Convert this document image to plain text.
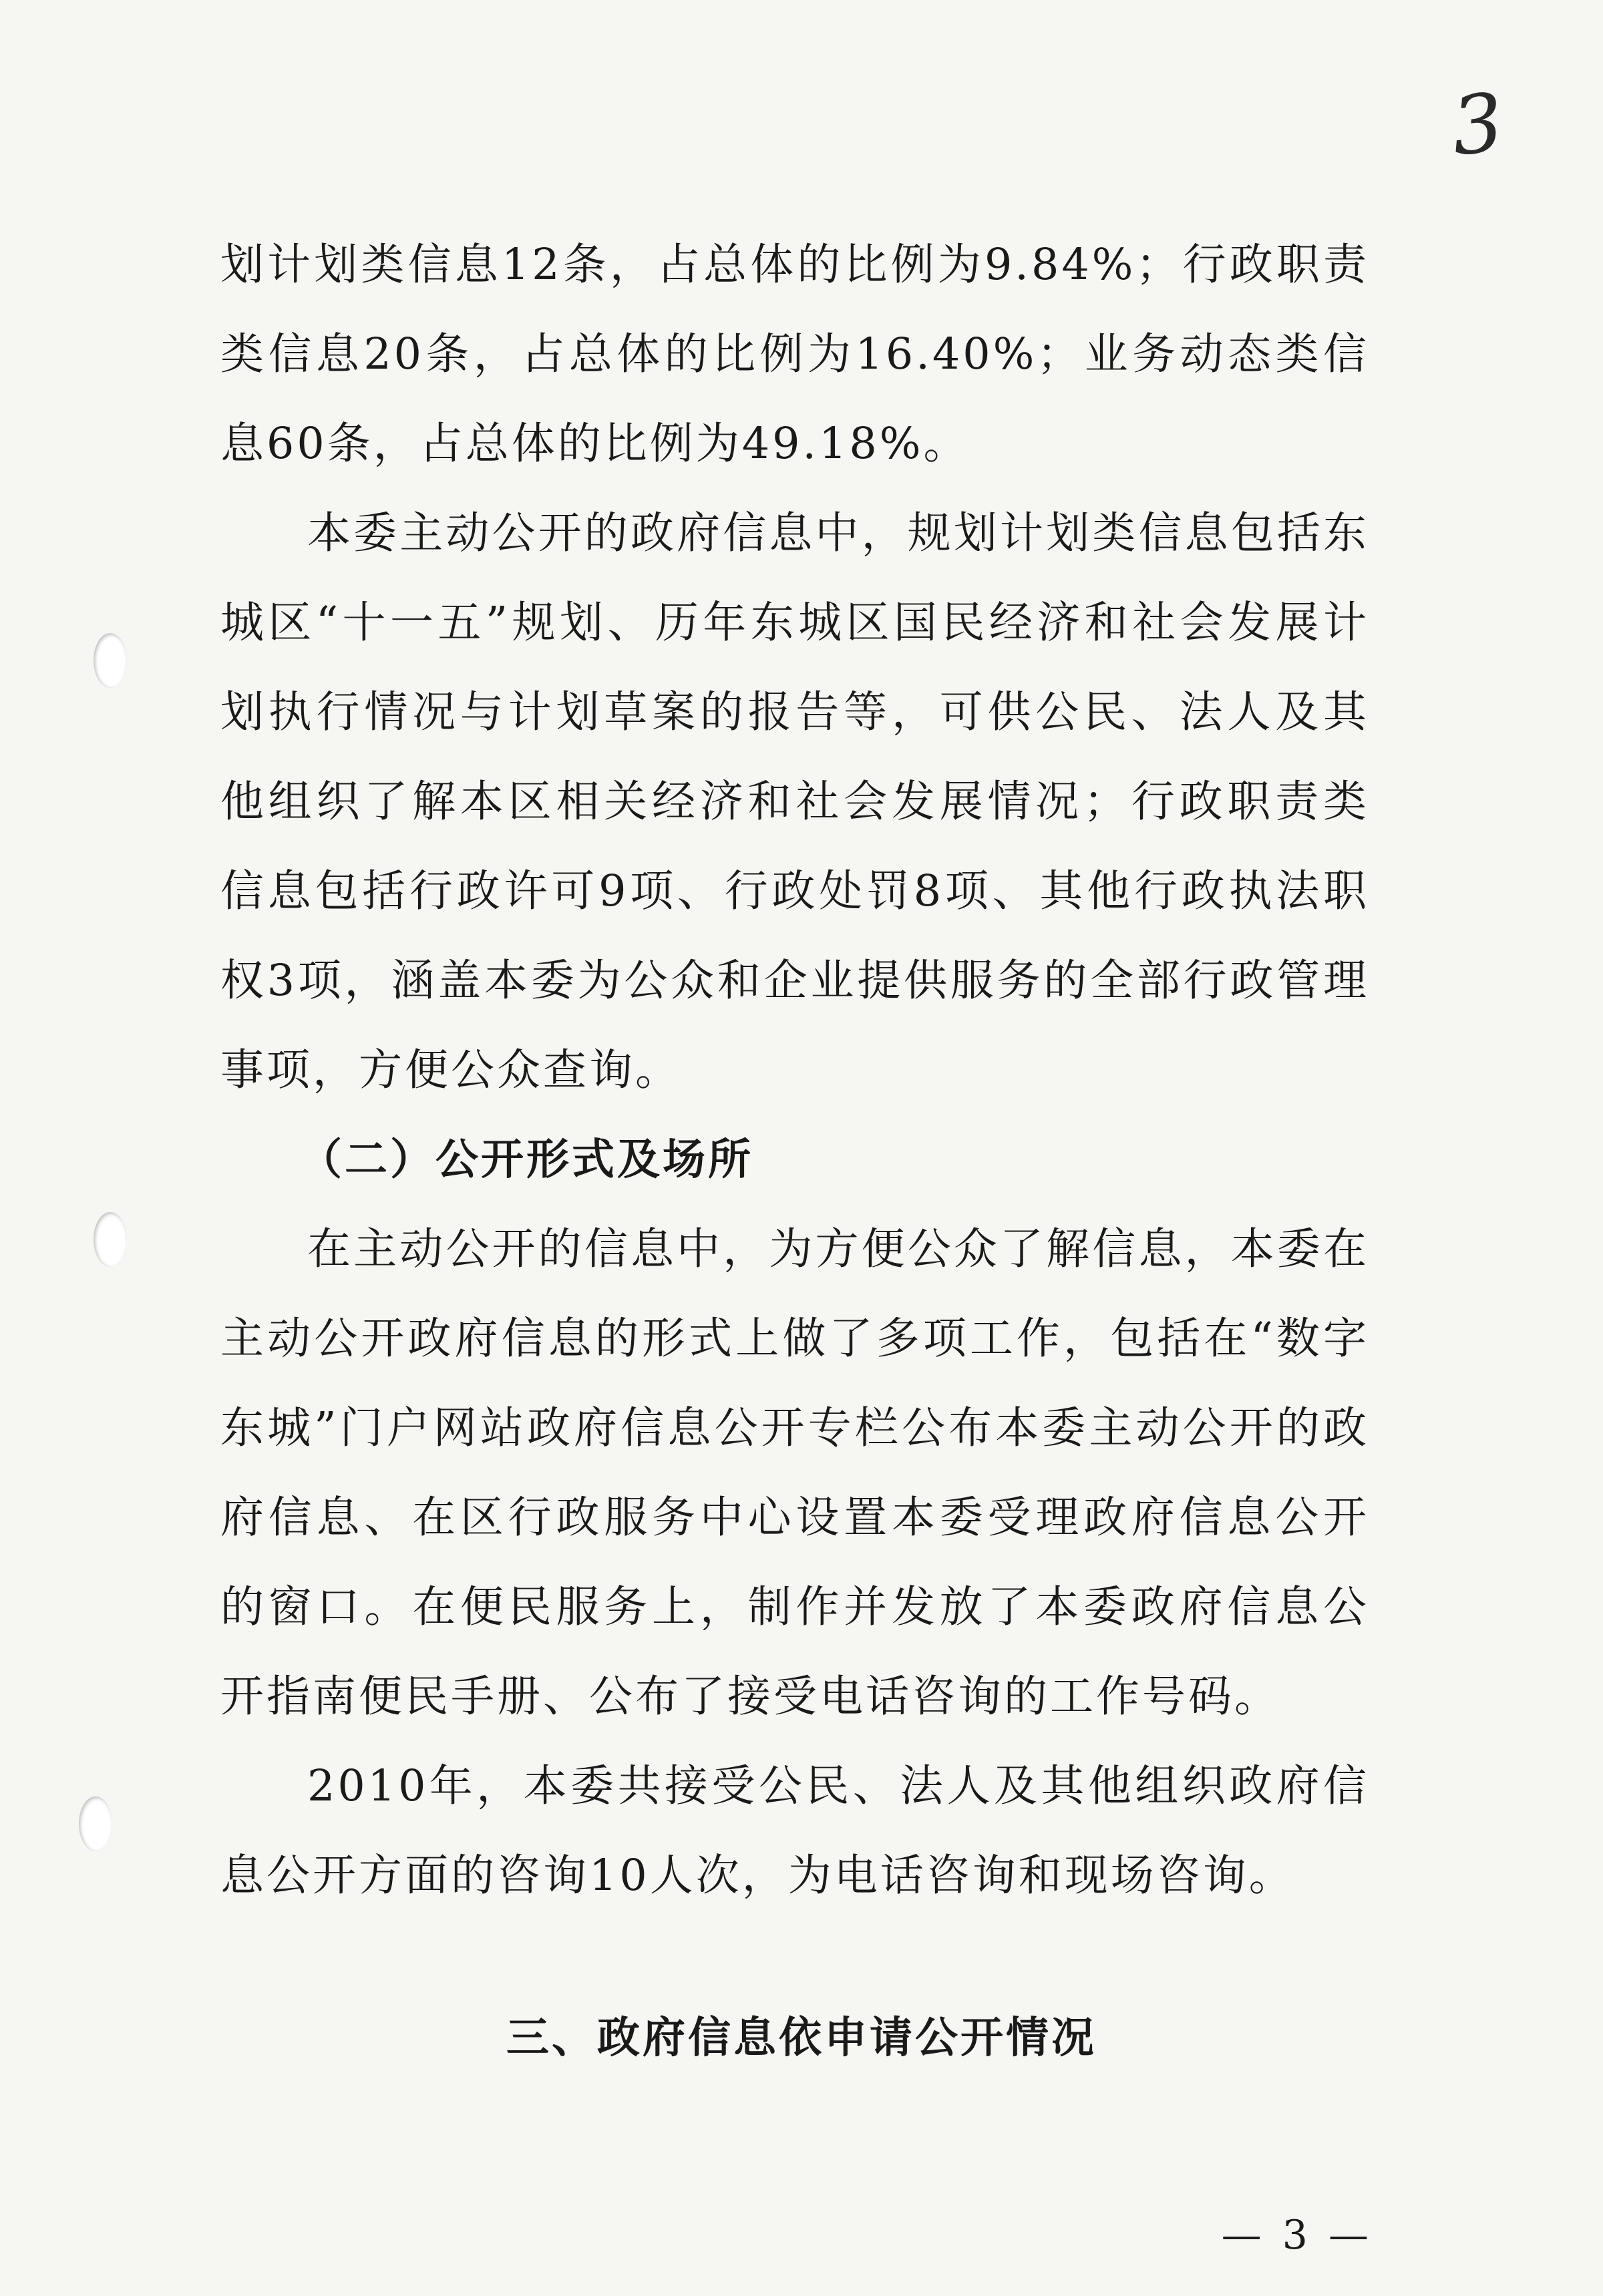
3

划计划类信息12条，占总体的比例为9.84%；行政职责类信息20条，占总体的比例为16.40%；业务动态类信息60条，占总体的比例为49.18%。

本委主动公开的政府信息中，规划计划类信息包括东城区“十一五”规划、历年东城区国民经济和社会发展计划执行情况与计划草案的报告等，可供公民、法人及其他组织了解本区相关经济和社会发展情况；行政职责类信息包括行政许可9项、行政处罚8项、其他行政执法职权3项，涵盖本委为公众和企业提供服务的全部行政管理事项，方便公众查询。

（二）公开形式及场所

在主动公开的信息中，为方便公众了解信息，本委在主动公开政府信息的形式上做了多项工作，包括在“数字东城”门户网站政府信息公开专栏公布本委主动公开的政府信息、在区行政服务中心设置本委受理政府信息公开的窗口。在便民服务上，制作并发放了本委政府信息公开指南便民手册、公布了接受电话咨询的工作号码。

2010年，本委共接受公民、法人及其他组织政府信息公开方面的咨询10人次，为电话咨询和现场咨询。

三、政府信息依申请公开情况
— 3 —
